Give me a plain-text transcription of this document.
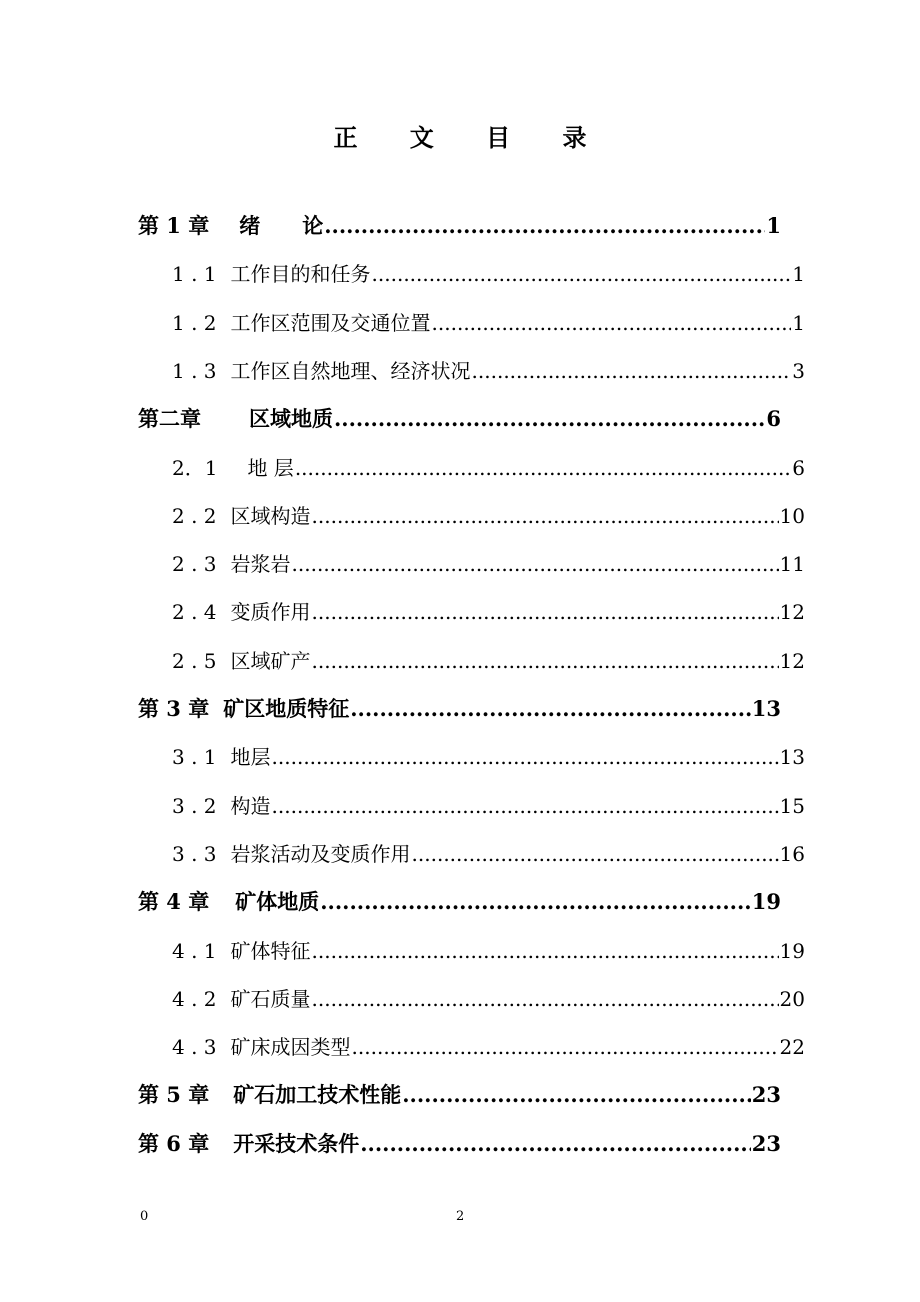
正 文 目 录
第 1 章 绪　　论 .....	1
1 . 1 工作目的和任务 .....	1
1 . 2 工作区范围及交通位置 .....	1
1 . 3 工作区自然地理、经济状况 .....	3
第二章 区域地质 .....	6
2．1 地 层 .....	6
2 . 2 区域构造 .....	10
2 . 3 岩浆岩 .....	11
2 . 4 变质作用 .....	12
2 . 5 区域矿产 .....	12
第 3 章 矿区地质特征 .....	13
3 . 1 地层 .....	13
3 . 2 构造 .....	15
3 . 3 岩浆活动及变质作用 .....	16
第 4 章 矿体地质 .....	19
4 . 1 矿体特征 .....	19
4 . 2 矿石质量 .....	20
4 . 3 矿床成因类型 .....	22
第 5 章 矿石加工技术性能 .....	23
第 6 章 开采技术条件 .....	23
0	2
